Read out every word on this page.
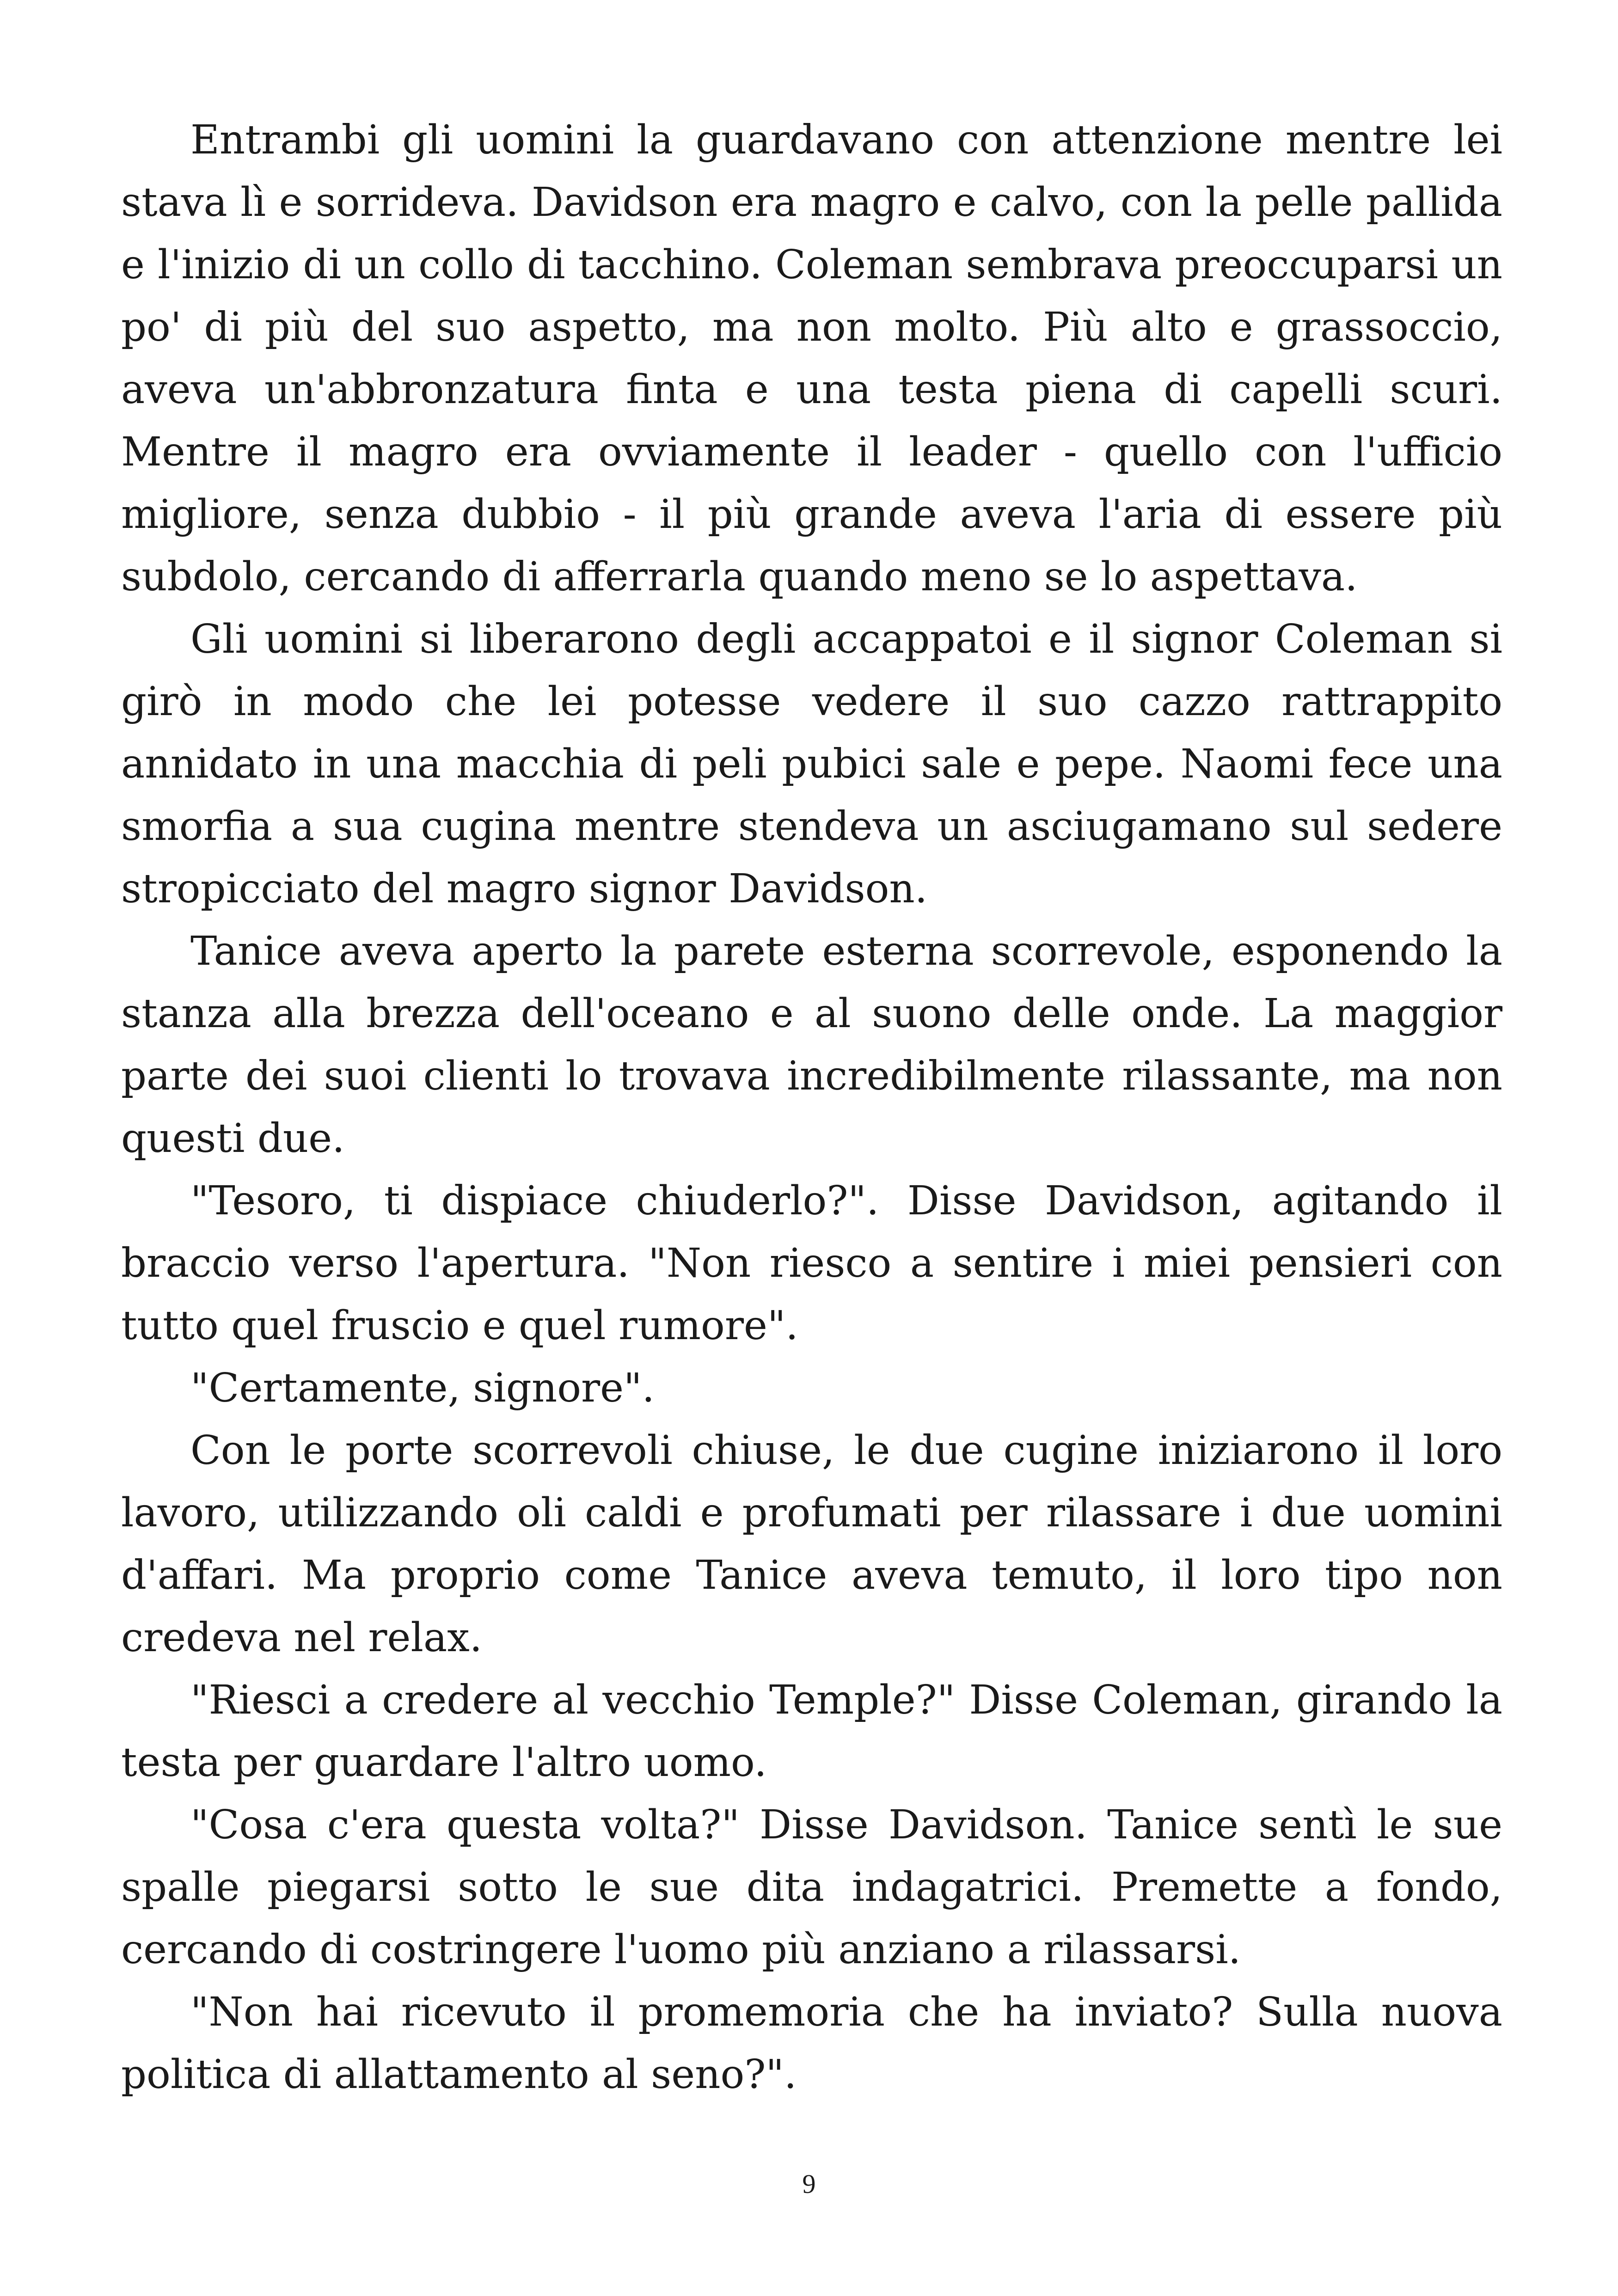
Entrambi gli uomini la guardavano con attenzione mentre lei stava lì e sorrideva. Davidson era magro e calvo, con la pelle pallida e l'inizio di un collo di tacchino. Coleman sembrava preoccuparsi un po' di più del suo aspetto, ma non molto. Più alto e grassoccio, aveva un'abbronzatura finta e una testa piena di capelli scuri. Mentre il magro era ovviamente il leader - quello con l'ufficio migliore, senza dubbio - il più grande aveva l'aria di essere più subdolo, cercando di afferrarla quando meno se lo aspettava.

Gli uomini si liberarono degli accappatoi e il signor Coleman si girò in modo che lei potesse vedere il suo cazzo rattrappito annidato in una macchia di peli pubici sale e pepe. Naomi fece una smorfia a sua cugina mentre stendeva un asciugamano sul sedere stropicciato del magro signor Davidson.

Tanice aveva aperto la parete esterna scorrevole, esponendo la stanza alla brezza dell'oceano e al suono delle onde. La maggior parte dei suoi clienti lo trovava incredibilmente rilassante, ma non questi due.

"Tesoro, ti dispiace chiuderlo?". Disse Davidson, agitando il braccio verso l'apertura. "Non riesco a sentire i miei pensieri con tutto quel fruscio e quel rumore".

"Certamente, signore".

Con le porte scorrevoli chiuse, le due cugine iniziarono il loro lavoro, utilizzando oli caldi e profumati per rilassare i due uomini d'affari. Ma proprio come Tanice aveva temuto, il loro tipo non credeva nel relax.

"Riesci a credere al vecchio Temple?" Disse Coleman, girando la testa per guardare l'altro uomo.

"Cosa c'era questa volta?" Disse Davidson. Tanice sentì le sue spalle piegarsi sotto le sue dita indagatrici. Premette a fondo, cercando di costringere l'uomo più anziano a rilassarsi.

"Non hai ricevuto il promemoria che ha inviato? Sulla nuova politica di allattamento al seno?".

9
